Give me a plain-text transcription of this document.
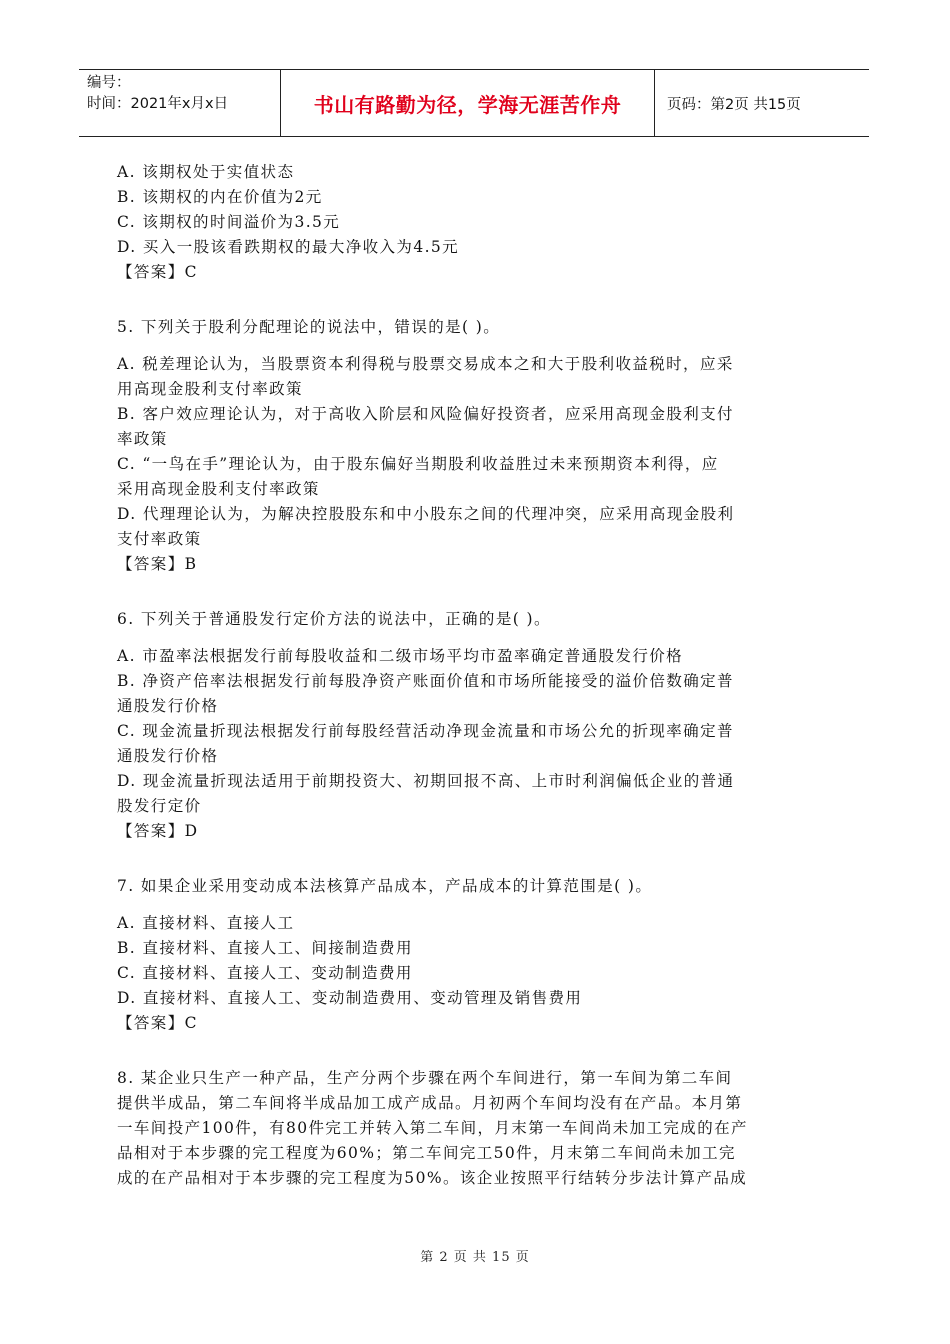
编号：
时间：2021年x月x日	书山有路勤为径，学海无涯苦作舟	页码：第2页 共15页
A. 该期权处于实值状态
B. 该期权的内在价值为2元
C. 该期权的时间溢价为3.5元
D. 买入一股该看跌期权的最大净收入为4.5元
【答案】C
5. 下列关于股利分配理论的说法中，错误的是( )。
A. 税差理论认为，当股票资本利得税与股票交易成本之和大于股利收益税时，应采
用高现金股利支付率政策
B. 客户效应理论认为，对于高收入阶层和风险偏好投资者，应采用高现金股利支付
率政策
C. “一鸟在手”理论认为，由于股东偏好当期股利收益胜过未来预期资本利得，应
采用高现金股利支付率政策
D. 代理理论认为，为解决控股股东和中小股东之间的代理冲突，应采用高现金股利
支付率政策
【答案】B
6. 下列关于普通股发行定价方法的说法中，正确的是( )。
A. 市盈率法根据发行前每股收益和二级市场平均市盈率确定普通股发行价格
B. 净资产倍率法根据发行前每股净资产账面价值和市场所能接受的溢价倍数确定普
通股发行价格
C. 现金流量折现法根据发行前每股经营活动净现金流量和市场公允的折现率确定普
通股发行价格
D. 现金流量折现法适用于前期投资大、初期回报不高、上市时利润偏低企业的普通
股发行定价
【答案】D
7. 如果企业采用变动成本法核算产品成本，产品成本的计算范围是( )。
A. 直接材料、直接人工
B. 直接材料、直接人工、间接制造费用
C. 直接材料、直接人工、变动制造费用
D. 直接材料、直接人工、变动制造费用、变动管理及销售费用
【答案】C
8. 某企业只生产一种产品，生产分两个步骤在两个车间进行，第一车间为第二车间
提供半成品，第二车间将半成品加工成产成品。月初两个车间均没有在产品。本月第
一车间投产100件，有80件完工并转入第二车间，月末第一车间尚未加工完成的在产
品相对于本步骤的完工程度为60%；第二车间完工50件，月末第二车间尚未加工完
成的在产品相对于本步骤的完工程度为50%。该企业按照平行结转分步法计算产品成
第 2 页 共 15 页
